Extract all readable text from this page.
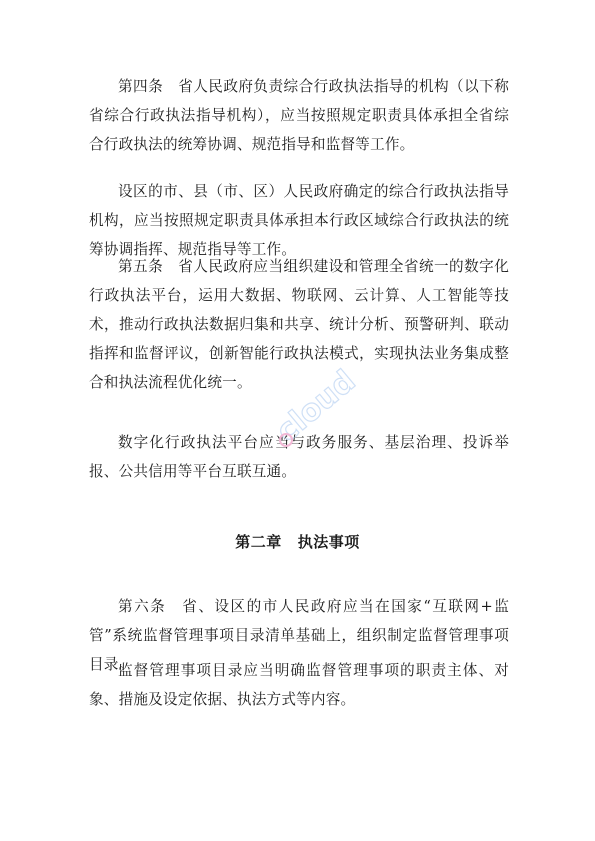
第四条　省人民政府负责综合行政执法指导的机构（以下称省综合行政执法指导机构），应当按照规定职责具体承担全省综合行政执法的统筹协调、规范指导和监督等工作。

设区的市、县（市、区）人民政府确定的综合行政执法指导机构，应当按照规定职责具体承担本行政区域综合行政执法的统筹协调指挥、规范指导等工作。

第五条　省人民政府应当组织建设和管理全省统一的数字化行政执法平台，运用大数据、物联网、云计算、人工智能等技术，推动行政执法数据归集和共享、统计分析、预警研判、联动指挥和监督评议，创新智能行政执法模式，实现执法业务集成整合和执法流程优化统一。

数字化行政执法平台应当与政务服务、基层治理、投诉举报、公共信用等平台互联互通。

第二章 执法事项

第六条　省、设区的市人民政府应当在国家“互联网+监管”系统监督管理事项目录清单基础上，组织制定监督管理事项目录。

监督管理事项目录应当明确监督管理事项的职责主体、对象、措施及设定依据、执法方式等内容。

cloud
